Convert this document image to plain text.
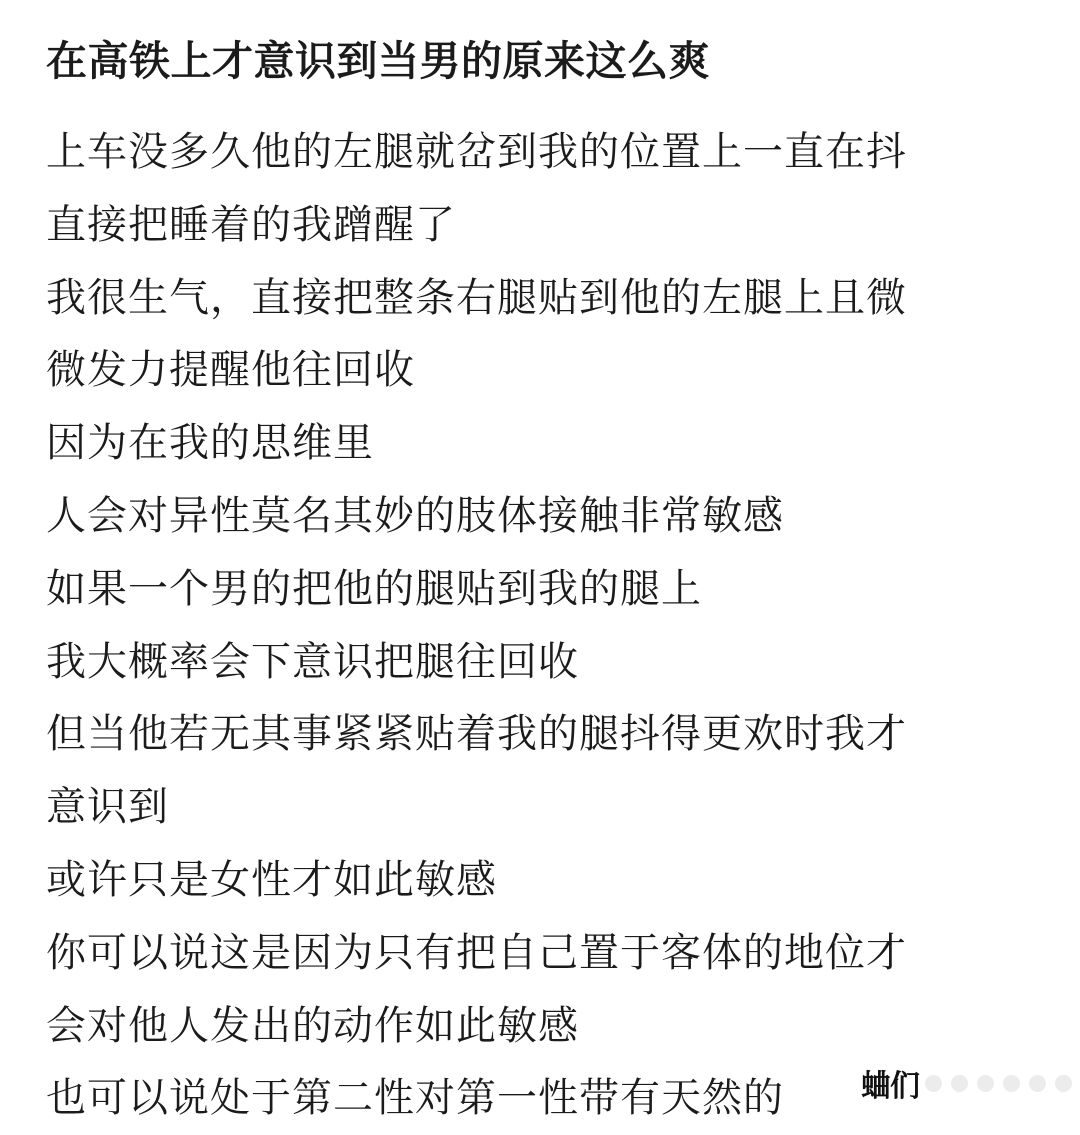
在高铁上才意识到当男的原来这么爽
上车没多久他的左腿就岔到我的位置上一直在抖
直接把睡着的我蹭醒了
我很生气，直接把整条右腿贴到他的左腿上且微
微发力提醒他往回收
因为在我的思维里
人会对异性莫名其妙的肢体接触非常敏感
如果一个男的把他的腿贴到我的腿上
我大概率会下意识把腿往回收
但当他若无其事紧紧贴着我的腿抖得更欢时我才
意识到
或许只是女性才如此敏感
你可以说这是因为只有把自己置于客体的地位才
会对他人发出的动作如此敏感
也可以说处于第二性对第一性带有天然的	蛐们
